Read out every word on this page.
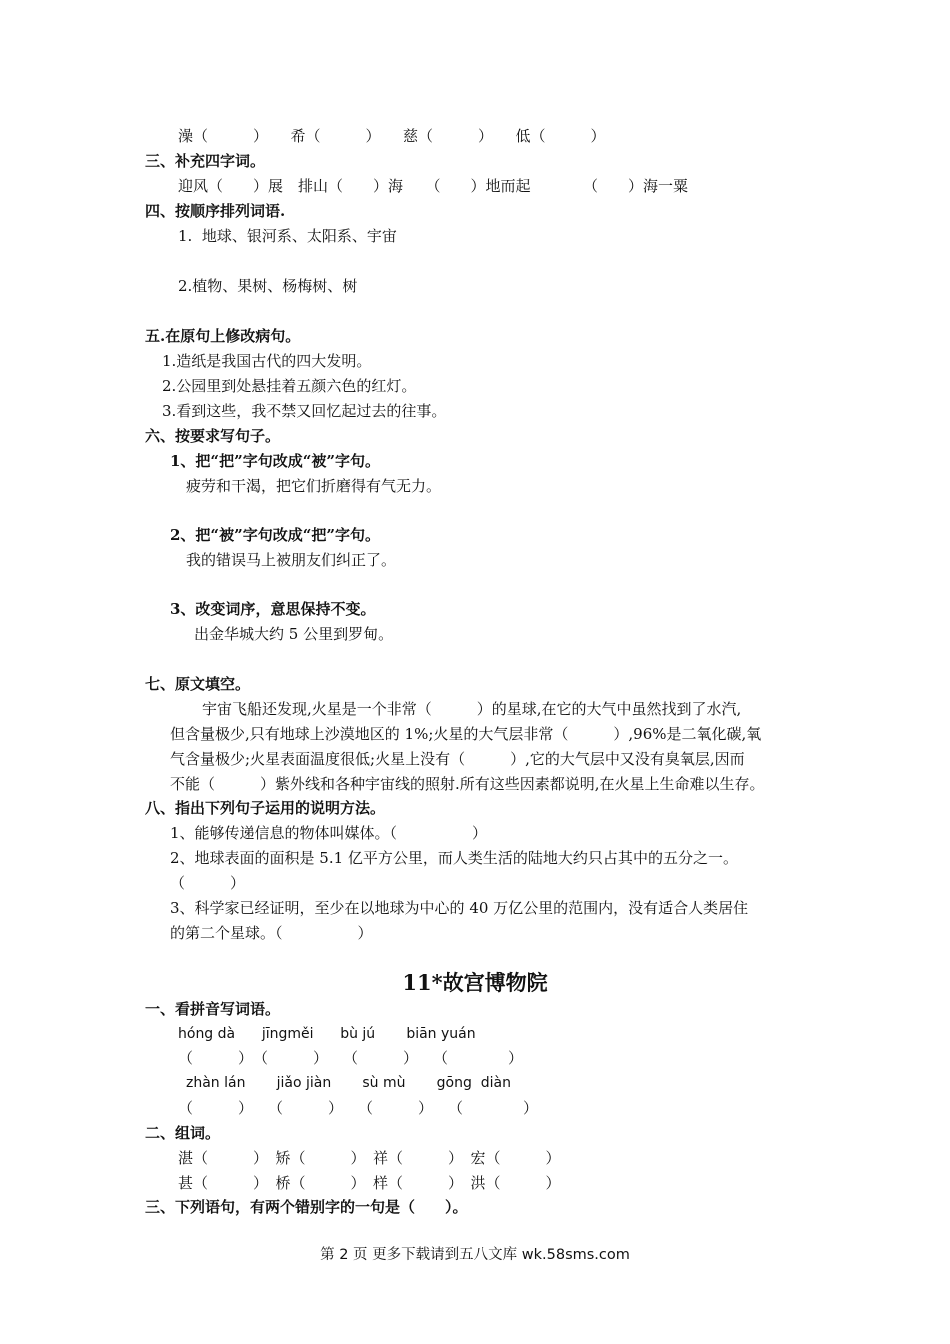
澡（　　　）　　希（　　　）　　慈（　　　）　　低（　　　）
三、补充四字词。
迎风（　　）展　排山（　　）海　　（　　）地而起　　　　（　　）海一粟
四、按顺序排列词语.
1.  地球、银河系、太阳系、宇宙
2.植物、果树、杨梅树、树
五.在原句上修改病句。
1.造纸是我国古代的四大发明。
2.公园里到处悬挂着五颜六色的红灯。
3.看到这些，我不禁又回忆起过去的往事。
六、按要求写句子。
1、把“把”字句改成“被”字句。
疲劳和干渴，把它们折磨得有气无力。
2、把“被”字句改成“把”字句。
我的错误马上被朋友们纠正了。
3、改变词序，意思保持不变。
出金华城大约 5 公里到罗甸。
七、原文填空。
宇宙飞船还发现,火星是一个非常（　　　）的星球,在它的大气中虽然找到了水汽,
但含量极少,只有地球上沙漠地区的 1%;火星的大气层非常（　　　）,96%是二氧化碳,氧
气含量极少;火星表面温度很低;火星上没有（　　　）,它的大气层中又没有臭氧层,因而
不能（　　　）紫外线和各种宇宙线的照射.所有这些因素都说明,在火星上生命难以生存。
八、指出下列句子运用的说明方法。
1、能够传递信息的物体叫媒体。（　　　　　）
2、地球表面的面积是 5.1 亿平方公里，而人类生活的陆地大约只占其中的五分之一。
（　　　）
3、科学家已经证明，至少在以地球为中心的 40 万亿公里的范围内，没有适合人类居住
的第二个星球。（　　　　　）
11*故宫博物院
一、看拼音写词语。
hóng dà      jīngměi      bù jú       biān yuán
（　　　）　（　　　）　　（　　　）　　（　　　　）
zhàn lán       jiǎo jiàn       sù mù       gōng  diàn
（　　　）　　（　　　）　　（　　　）　　（　　　　）
二、组词。
湛（　　　）　矫（　　　）　祥（　　　）　宏（　　　）
甚（　　　）　桥（　　　）　样（　　　）　洪（　　　）
三、下列语句，有两个错别字的一句是（　　）。
第 2 页 更多下载请到五八文库 wk.58sms.com
